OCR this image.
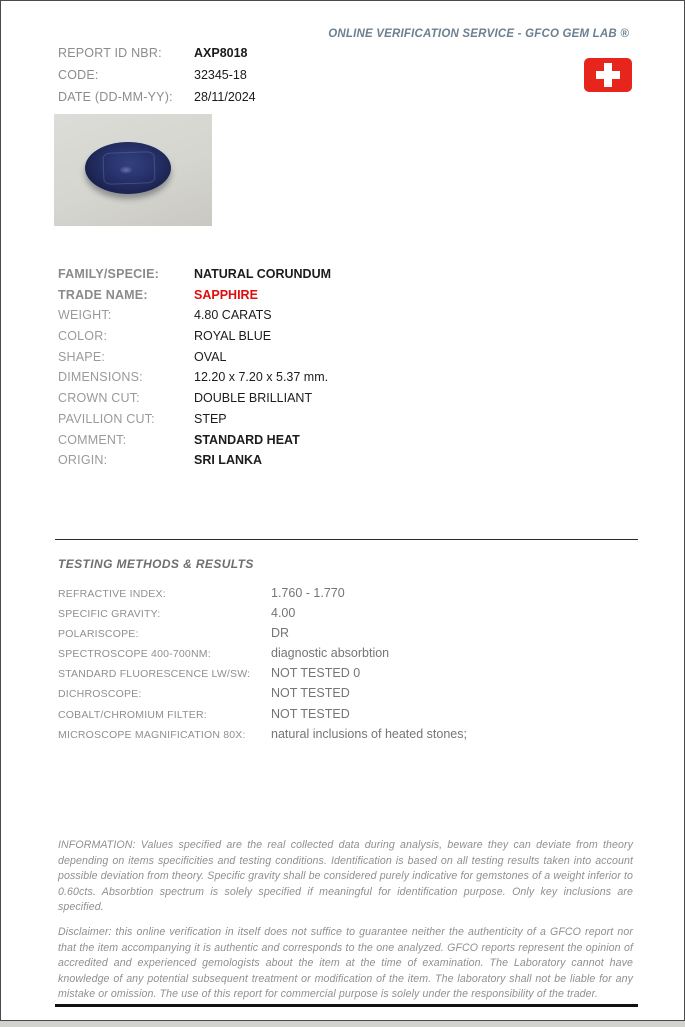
ONLINE VERIFICATION SERVICE - GFCO GEM LAB ®
REPORT ID NBR:	AXP8018
CODE:	32345-18
DATE (DD-MM-YY):	28/11/2024
FAMILY/SPECIE:	NATURAL CORUNDUM
TRADE NAME:	SAPPHIRE
WEIGHT:	4.80 CARATS
COLOR:	ROYAL BLUE
SHAPE:	OVAL
DIMENSIONS:	12.20 x 7.20 x 5.37 mm.
CROWN CUT:	DOUBLE BRILLIANT
PAVILLION CUT:	STEP
COMMENT:	STANDARD HEAT
ORIGIN:	SRI LANKA
TESTING METHODS & RESULTS
REFRACTIVE INDEX:	1.760 - 1.770
SPECIFIC GRAVITY:	4.00
POLARISCOPE:	DR
SPECTROSCOPE 400-700NM:	diagnostic absorbtion
STANDARD FLUORESCENCE LW/SW:	NOT TESTED 0
DICHROSCOPE:	NOT TESTED
COBALT/CHROMIUM FILTER:	NOT TESTED
MICROSCOPE MAGNIFICATION 80X:	natural inclusions of heated stones;
INFORMATION: Values specified are the real collected data during analysis, beware they can deviate from theory depending on items specificities and testing conditions. Identification is based on all testing results taken into account possible deviation from theory. Specific gravity shall be considered purely indicative for gemstones of a weight inferior to 0.60cts. Absorbtion spectrum is solely specified if meaningful for identification purpose. Only key inclusions are specified.
Disclaimer: this online verification in itself does not suffice to guarantee neither the authenticity of a GFCO report nor that the item accompanying it is authentic and corresponds to the one analyzed. GFCO reports represent the opinion of accredited and experienced gemologists about the item at the time of examination. The Laboratory cannot have knowledge of any potential subsequent treatment or modification of the item. The laboratory shall not be liable for any mistake or omission. The use of this report for commercial purpose is solely under the responsibility of the trader.
